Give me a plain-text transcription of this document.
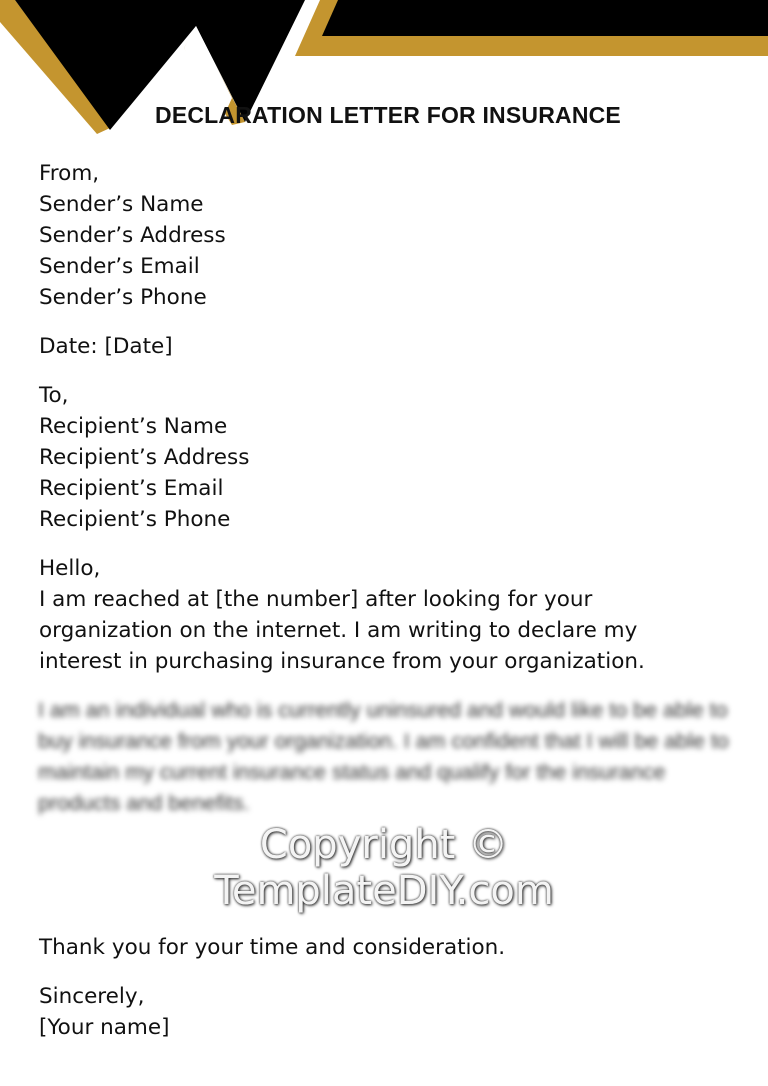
DECLARATION LETTER FOR INSURANCE
From,
Sender’s Name
Sender’s Address
Sender’s Email
Sender’s Phone
Date: [Date]
To,
Recipient’s Name
Recipient’s Address
Recipient’s Email
Recipient’s Phone
Hello,
I am reached at [the number] after looking for your
organization on the internet. I am writing to declare my
interest in purchasing insurance from your organization.
I am an individual who is currently uninsured and would like to be able to buy insurance from your organization. I am confident that I will be able to maintain my current insurance status and qualify for the insurance products and benefits.
Copyright ©
TemplateDIY.com
Thank you for your time and consideration.
Sincerely,
[Your name]
